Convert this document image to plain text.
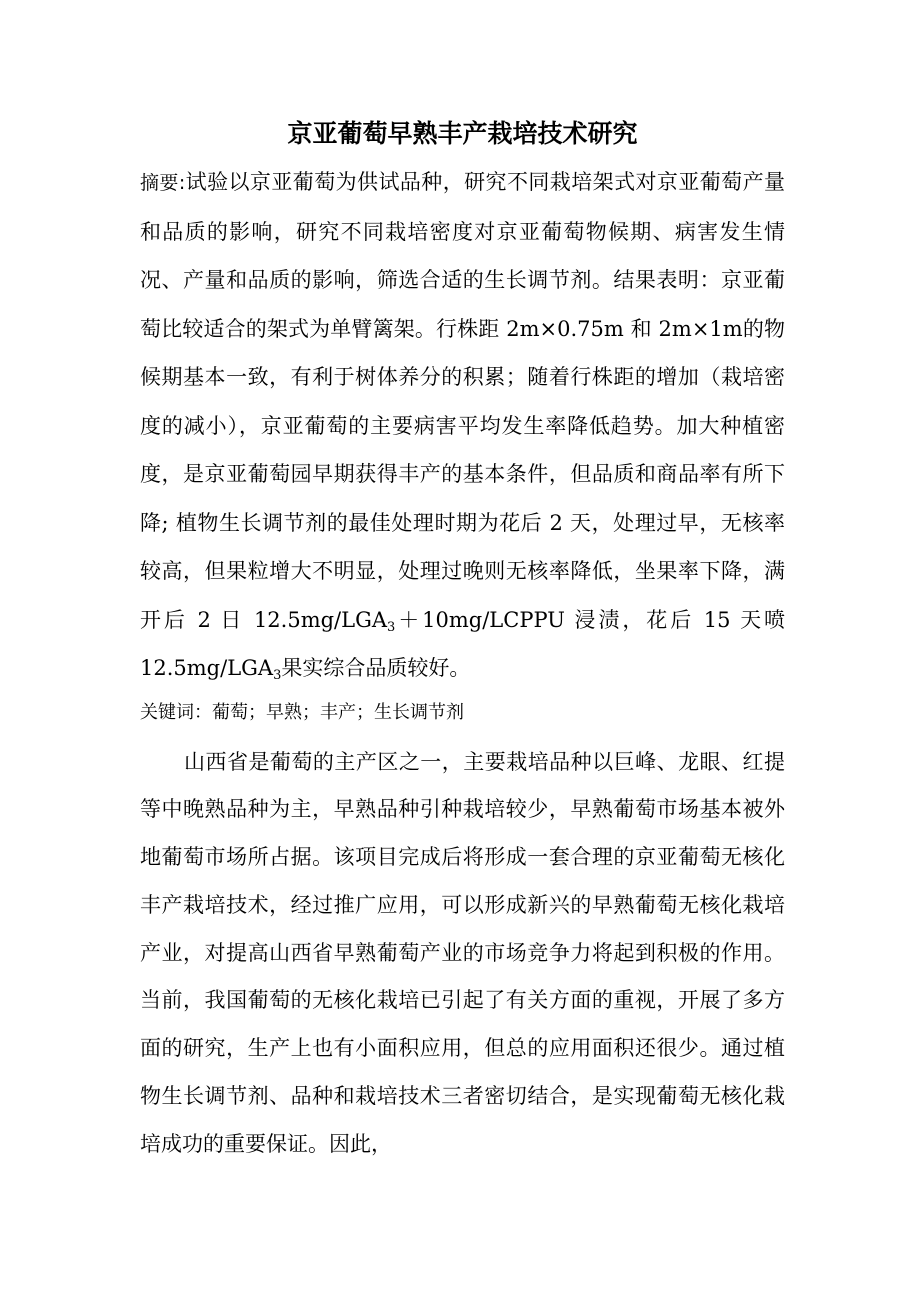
京亚葡萄早熟丰产栽培技术研究

摘要:试验以京亚葡萄为供试品种，研究不同栽培架式对京亚葡萄产量和品质的影响，研究不同栽培密度对京亚葡萄物候期、病害发生情况、产量和品质的影响，筛选合适的生长调节剂。结果表明：京亚葡萄比较适合的架式为单臂篱架。行株距 2m×0.75m 和 2m×1m的物候期基本一致，有利于树体养分的积累；随着行株距的增加（栽培密度的减小），京亚葡萄的主要病害平均发生率降低趋势。加大种植密度，是京亚葡萄园早期获得丰产的基本条件，但品质和商品率有所下降; 植物生长调节剂的最佳处理时期为花后 2 天，处理过早，无核率较高，但果粒增大不明显，处理过晚则无核率降低，坐果率下降，满开后 2 日 $12.5mg/LGA_3+10mg$/LCPPU 浸渍，花后 15 天喷 $12.5mg/LGA_3$果实综合品质较好。

关键词：葡萄；早熟；丰产；生长调节剂

山西省是葡萄的主产区之一，主要栽培品种以巨峰、龙眼、红提等中晚熟品种为主，早熟品种引种栽培较少，早熟葡萄市场基本被外地葡萄市场所占据。该项目完成后将形成一套合理的京亚葡萄无核化丰产栽培技术，经过推广应用，可以形成新兴的早熟葡萄无核化栽培产业，对提高山西省早熟葡萄产业的市场竞争力将起到积极的作用。当前，我国葡萄的无核化栽培已引起了有关方面的重视，开展了多方面的研究，生产上也有小面积应用，但总的应用面积还很少。通过植物生长调节剂、品种和栽培技术三者密切结合，是实现葡萄无核化栽培成功的重要保证。因此，
